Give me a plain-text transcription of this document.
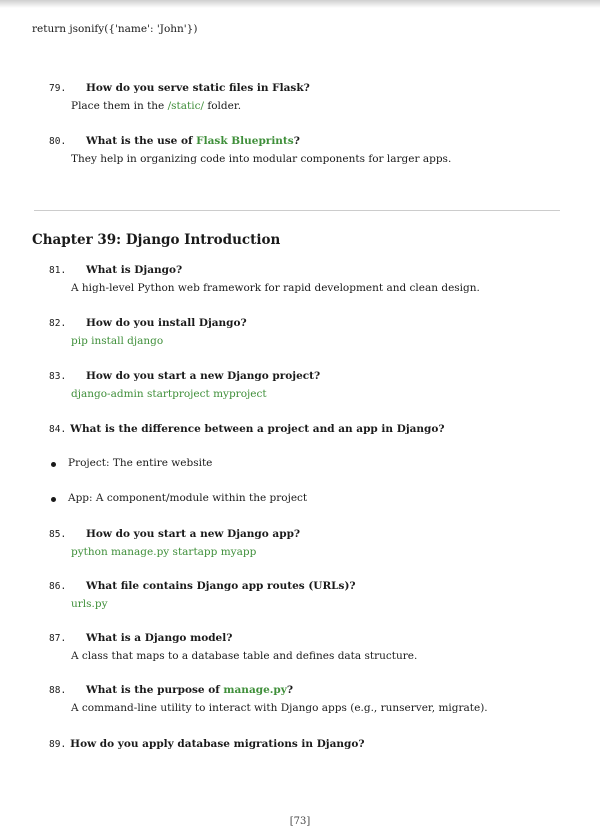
return jsonify({'name': 'John'})
79. How do you serve static files in Flask?
Place them in the /static/ folder.
80. What is the use of Flask Blueprints?
They help in organizing code into modular components for larger apps.
Chapter 39: Django Introduction
81. What is Django?
A high-level Python web framework for rapid development and clean design.
82. How do you install Django?
pip install django
83. How do you start a new Django project?
django-admin startproject myproject
84. What is the difference between a project and an app in Django?
Project: The entire website
App: A component/module within the project
85. How do you start a new Django app?
python manage.py startapp myapp
86. What file contains Django app routes (URLs)?
urls.py
87. What is a Django model?
A class that maps to a database table and defines data structure.
88. What is the purpose of manage.py?
A command-line utility to interact with Django apps (e.g., runserver, migrate).
89. How do you apply database migrations in Django?
[73]
